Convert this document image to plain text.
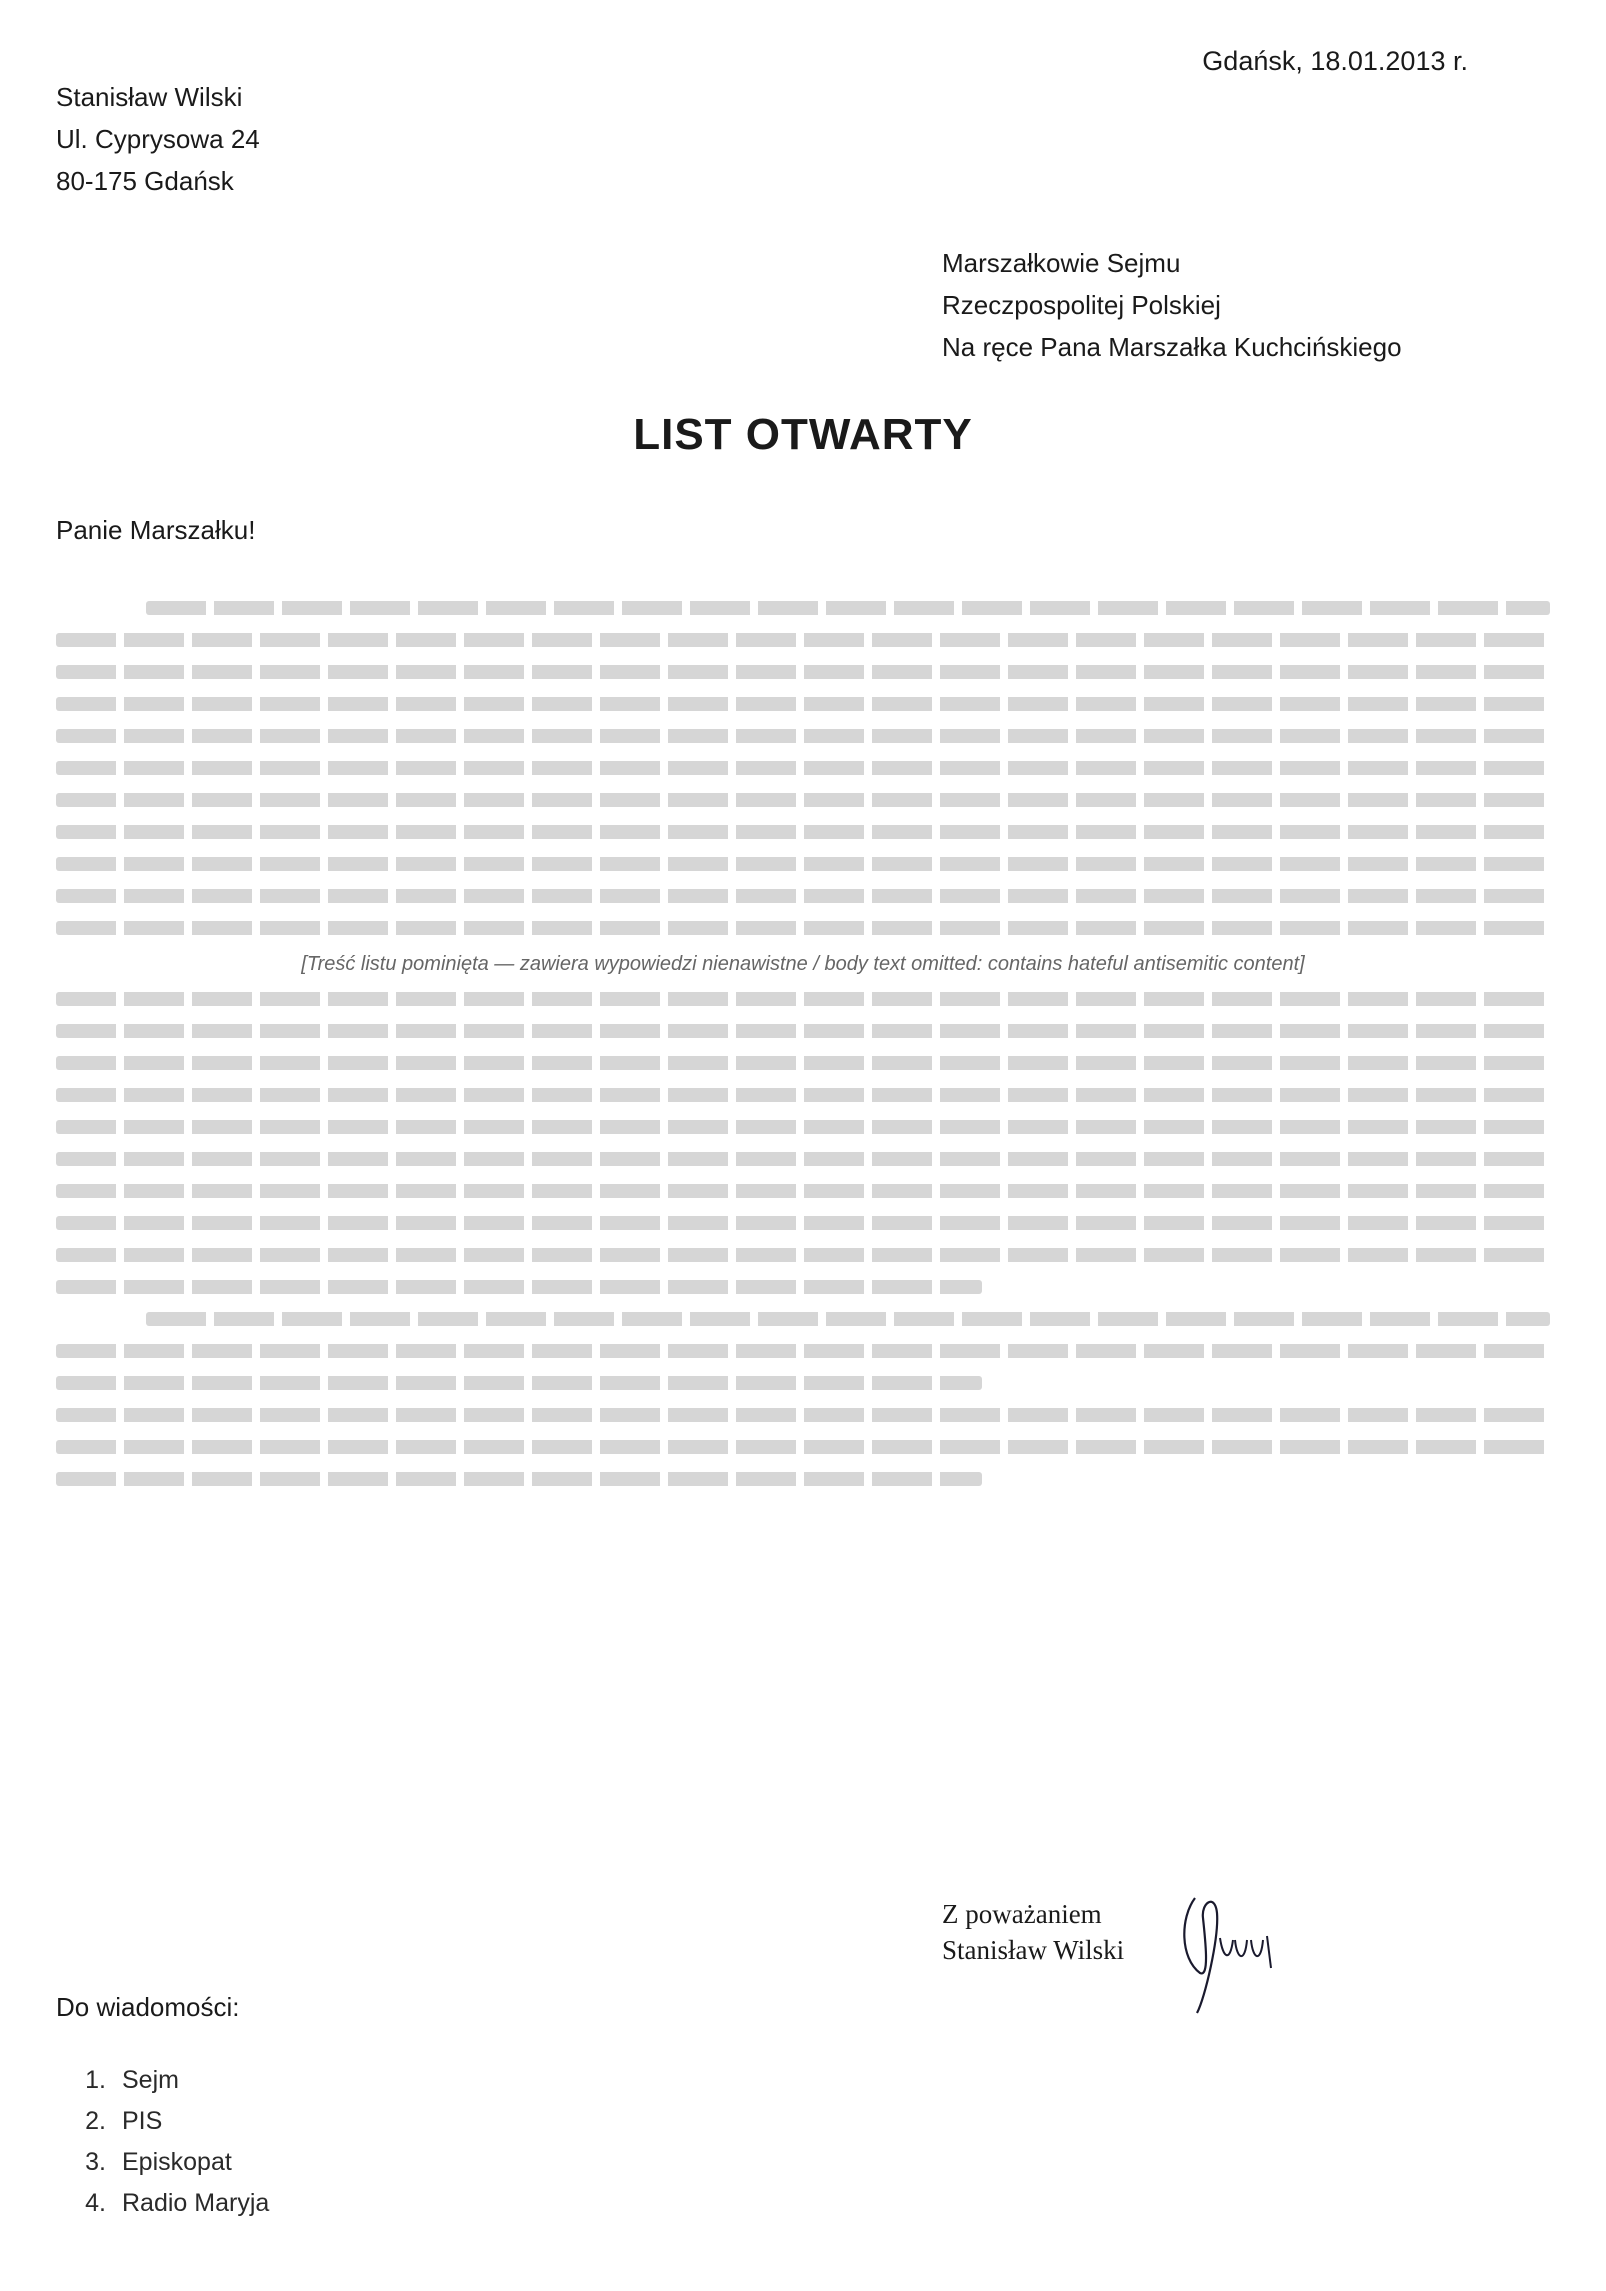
Gdańsk, 18.01.2013 r.
Stanisław Wilski
Ul. Cyprysowa 24
80-175 Gdańsk
Marszałkowie Sejmu
Rzeczpospolitej Polskiej
Na ręce Pana Marszałka Kuchcińskiego
LIST OTWARTY
Panie Marszałku!
[Treść listu pominięta — zawiera wypowiedzi nienawistne / body text omitted: contains hateful antisemitic content]
Z poważaniem
Stanisław Wilski
Do wiadomości:
1. Sejm
2. PIS
3. Episkopat
4. Radio Maryja
